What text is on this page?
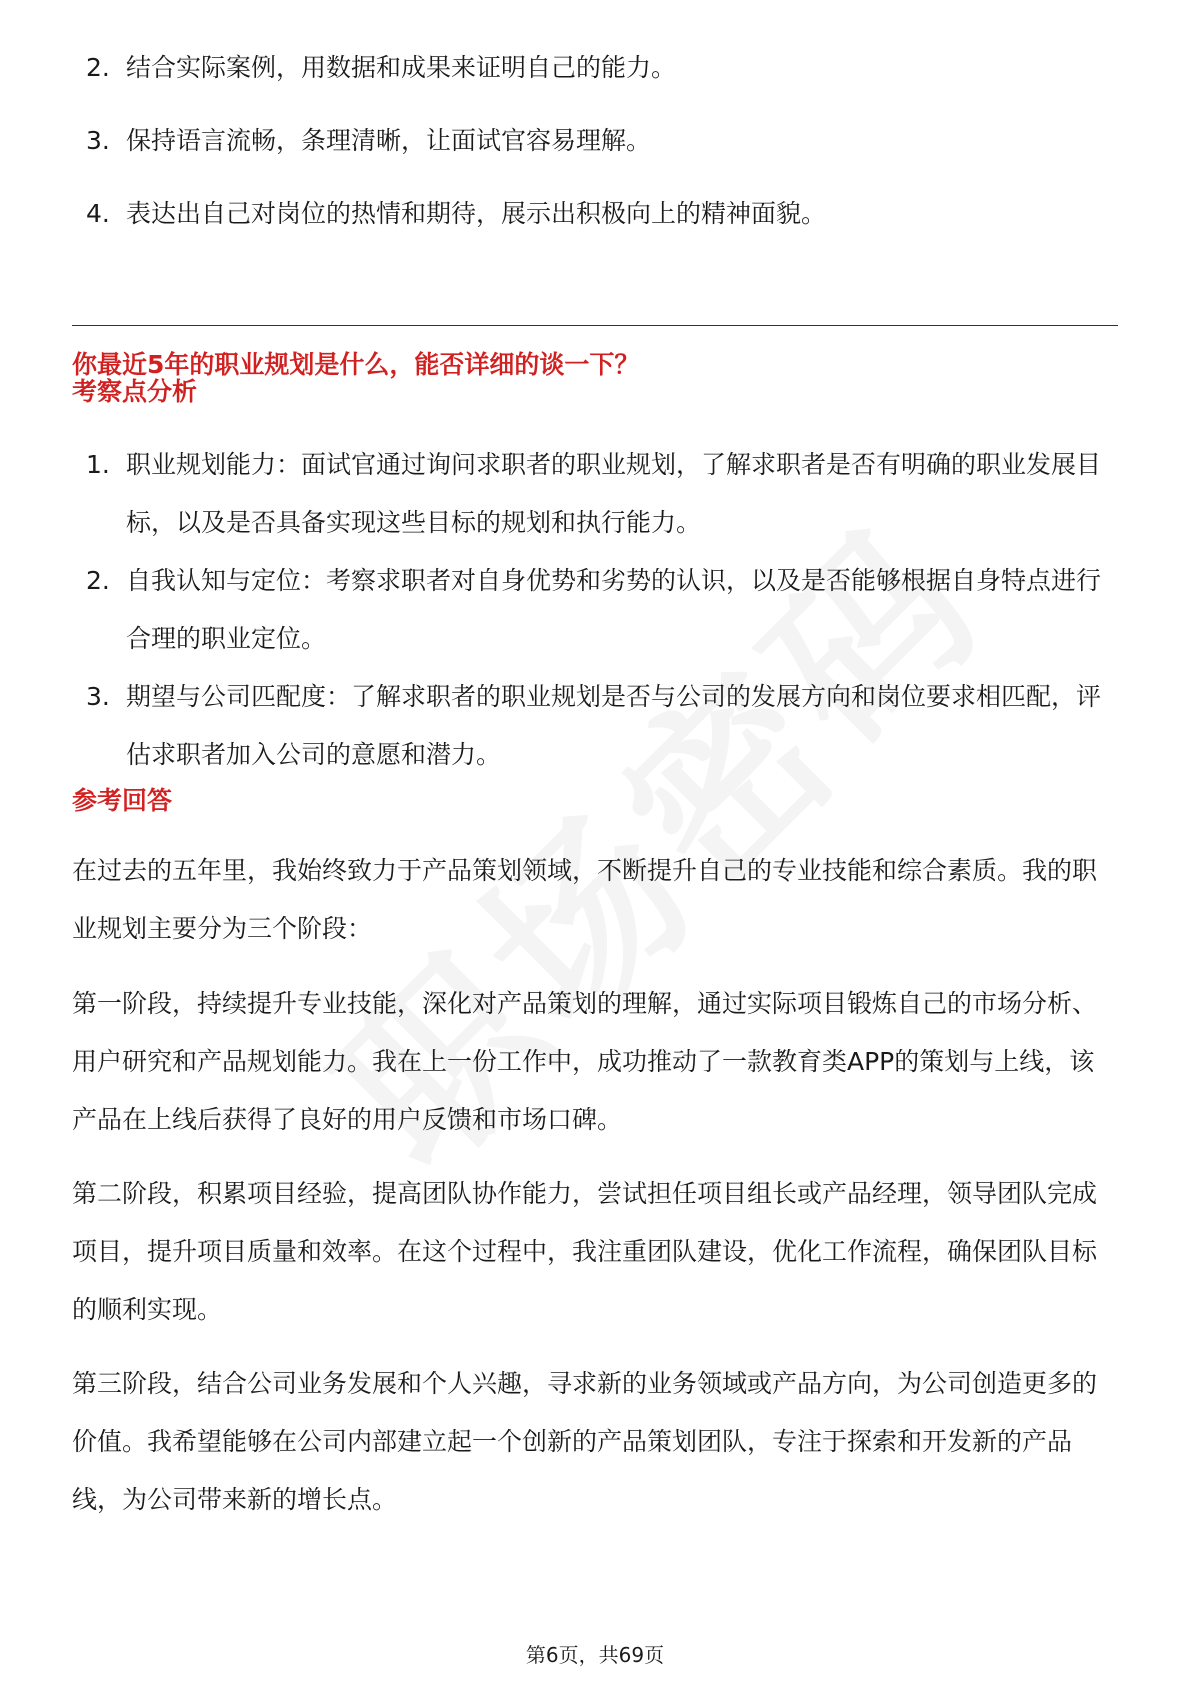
2. 结合实际案例，用数据和成果来证明自己的能力。
3. 保持语言流畅，条理清晰，让面试官容易理解。
4. 表达出自己对岗位的热情和期待，展示出积极向上的精神面貌。
你最近5年的职业规划是什么，能否详细的谈一下？
考察点分析
1. 职业规划能力：面试官通过询问求职者的职业规划，了解求职者是否有明确的职业发展目标，以及是否具备实现这些目标的规划和执行能力。
2. 自我认知与定位：考察求职者对自身优势和劣势的认识，以及是否能够根据自身特点进行合理的职业定位。
3. 期望与公司匹配度：了解求职者的职业规划是否与公司的发展方向和岗位要求相匹配，评估求职者加入公司的意愿和潜力。
参考回答

在过去的五年里，我始终致力于产品策划领域，不断提升自己的专业技能和综合素质。我的职业规划主要分为三个阶段：

第一阶段，持续提升专业技能，深化对产品策划的理解，通过实际项目锻炼自己的市场分析、用户研究和产品规划能力。我在上一份工作中，成功推动了一款教育类APP的策划与上线，该产品在上线后获得了良好的用户反馈和市场口碑。

第二阶段，积累项目经验，提高团队协作能力，尝试担任项目组长或产品经理，领导团队完成项目，提升项目质量和效率。在这个过程中，我注重团队建设，优化工作流程，确保团队目标的顺利实现。

第三阶段，结合公司业务发展和个人兴趣，寻求新的业务领域或产品方向，为公司创造更多的价值。我希望能够在公司内部建立起一个创新的产品策划团队，专注于探索和开发新的产品线，为公司带来新的增长点。

第6页，共69页
